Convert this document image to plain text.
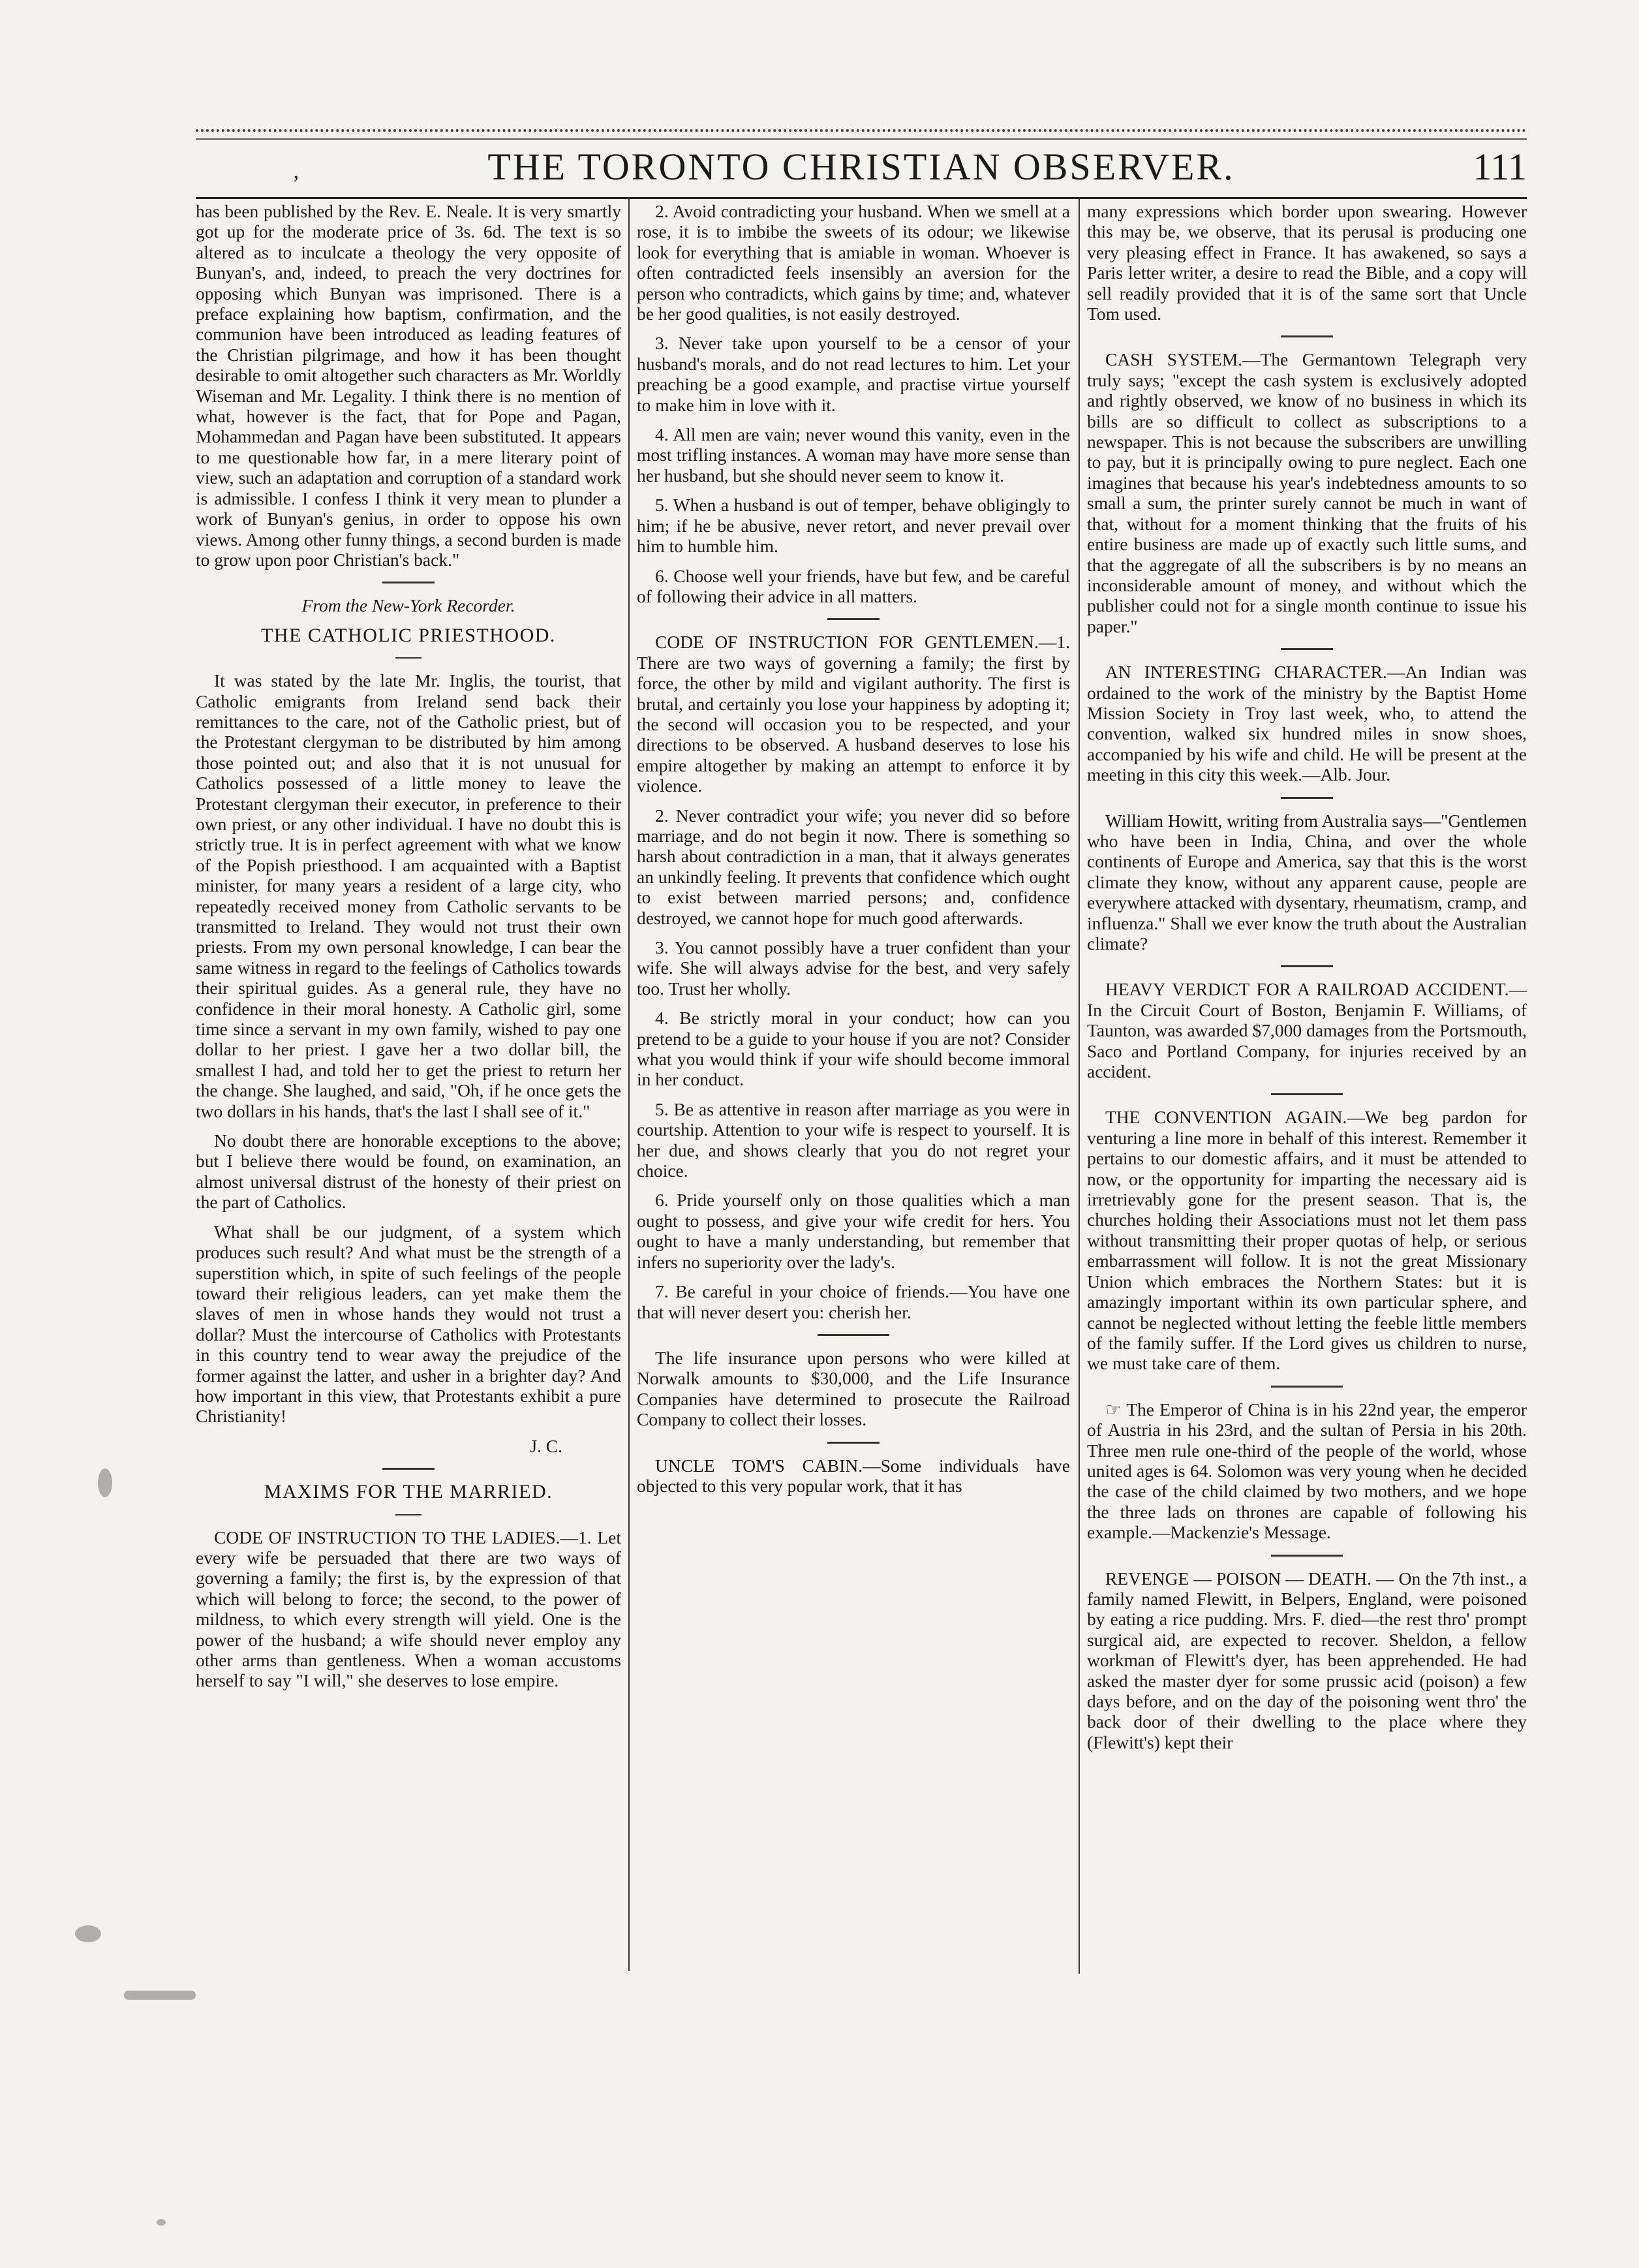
‚	THE TORONTO CHRISTIAN OBSERVER.	111

has been published by the Rev. E. Neale. It is very smartly got up for the moderate price of 3s. 6d. The text is so altered as to inculcate a theology the very opposite of Bunyan's, and, indeed, to preach the very doctrines for opposing which Bunyan was imprisoned. There is a preface explaining how baptism, confirmation, and the communion have been introduced as leading features of the Christian pilgrimage, and how it has been thought desirable to omit altogether such characters as Mr. Worldly Wiseman and Mr. Legality. I think there is no mention of what, however is the fact, that for Pope and Pagan, Mohammedan and Pagan have been substituted. It appears to me questionable how far, in a mere literary point of view, such an adaptation and corruption of a standard work is admissible. I confess I think it very mean to plunder a work of Bunyan's genius, in order to oppose his own views. Among other funny things, a second burden is made to grow upon poor Christian's back."

From the New-York Recorder.
THE CATHOLIC PRIESTHOOD.

It was stated by the late Mr. Inglis, the tourist, that Catholic emigrants from Ireland send back their remittances to the care, not of the Catholic priest, but of the Protestant clergyman to be distributed by him among those pointed out; and also that it is not unusual for Catholics possessed of a little money to leave the Protestant clergyman their executor, in preference to their own priest, or any other individual. I have no doubt this is strictly true. It is in perfect agreement with what we know of the Popish priesthood. I am acquainted with a Baptist minister, for many years a resident of a large city, who repeatedly received money from Catholic servants to be transmitted to Ireland. They would not trust their own priests. From my own personal knowledge, I can bear the same witness in regard to the feelings of Catholics towards their spiritual guides. As a general rule, they have no confidence in their moral honesty. A Catholic girl, some time since a servant in my own family, wished to pay one dollar to her priest. I gave her a two dollar bill, the smallest I had, and told her to get the priest to return her the change. She laughed, and said, "Oh, if he once gets the two dollars in his hands, that's the last I shall see of it."

No doubt there are honorable exceptions to the above; but I believe there would be found, on examination, an almost universal distrust of the honesty of their priest on the part of Catholics.

What shall be our judgment, of a system which produces such result? And what must be the strength of a superstition which, in spite of such feelings of the people toward their religious leaders, can yet make them the slaves of men in whose hands they would not trust a dollar? Must the intercourse of Catholics with Protestants in this country tend to wear away the prejudice of the former against the latter, and usher in a brighter day? And how important in this view, that Protestants exhibit a pure Christianity!

J. C.

MAXIMS FOR THE MARRIED.

CODE OF INSTRUCTION TO THE LADIES.—1. Let every wife be persuaded that there are two ways of governing a family; the first is, by the expression of that which will belong to force; the second, to the power of mildness, to which every strength will yield. One is the power of the husband; a wife should never employ any other arms than gentleness. When a woman accustoms herself to say "I will," she deserves to lose empire.

2. Avoid contradicting your husband. When we smell at a rose, it is to imbibe the sweets of its odour; we likewise look for everything that is amiable in woman. Whoever is often contradicted feels insensibly an aversion for the person who contradicts, which gains by time; and, whatever be her good qualities, is not easily destroyed.

3. Never take upon yourself to be a censor of your husband's morals, and do not read lectures to him. Let your preaching be a good example, and practise virtue yourself to make him in love with it.

4. All men are vain; never wound this vanity, even in the most trifling instances. A woman may have more sense than her husband, but she should never seem to know it.

5. When a husband is out of temper, behave obligingly to him; if he be abusive, never retort, and never prevail over him to humble him.

6. Choose well your friends, have but few, and be careful of following their advice in all matters.

CODE OF INSTRUCTION FOR GENTLEMEN.—1. There are two ways of governing a family; the first by force, the other by mild and vigilant authority. The first is brutal, and certainly you lose your happiness by adopting it; the second will occasion you to be respected, and your directions to be observed. A husband deserves to lose his empire altogether by making an attempt to enforce it by violence.

2. Never contradict your wife; you never did so before marriage, and do not begin it now. There is something so harsh about contradiction in a man, that it always generates an unkindly feeling. It prevents that confidence which ought to exist between married persons; and, confidence destroyed, we cannot hope for much good afterwards.

3. You cannot possibly have a truer confident than your wife. She will always advise for the best, and very safely too. Trust her wholly.

4. Be strictly moral in your conduct; how can you pretend to be a guide to your house if you are not? Consider what you would think if your wife should become immoral in her conduct.

5. Be as attentive in reason after marriage as you were in courtship. Attention to your wife is respect to yourself. It is her due, and shows clearly that you do not regret your choice.

6. Pride yourself only on those qualities which a man ought to possess, and give your wife credit for hers. You ought to have a manly understanding, but remember that infers no superiority over the lady's.

7. Be careful in your choice of friends.—You have one that will never desert you: cherish her.

The life insurance upon persons who were killed at Norwalk amounts to $30,000, and the Life Insurance Companies have determined to prosecute the Railroad Company to collect their losses.

UNCLE TOM'S CABIN.—Some individuals have objected to this very popular work, that it has

many expressions which border upon swearing. However this may be, we observe, that its perusal is producing one very pleasing effect in France. It has awakened, so says a Paris letter writer, a desire to read the Bible, and a copy will sell readily provided that it is of the same sort that Uncle Tom used.

CASH SYSTEM.—The Germantown Telegraph very truly says; "except the cash system is exclusively adopted and rightly observed, we know of no business in which its bills are so difficult to collect as subscriptions to a newspaper. This is not because the subscribers are unwilling to pay, but it is principally owing to pure neglect. Each one imagines that because his year's indebtedness amounts to so small a sum, the printer surely cannot be much in want of that, without for a moment thinking that the fruits of his entire business are made up of exactly such little sums, and that the aggregate of all the subscribers is by no means an inconsiderable amount of money, and without which the publisher could not for a single month continue to issue his paper."

AN INTERESTING CHARACTER.—An Indian was ordained to the work of the ministry by the Baptist Home Mission Society in Troy last week, who, to attend the convention, walked six hundred miles in snow shoes, accompanied by his wife and child. He will be present at the meeting in this city this week.—Alb. Jour.

William Howitt, writing from Australia says—"Gentlemen who have been in India, China, and over the whole continents of Europe and America, say that this is the worst climate they know, without any apparent cause, people are everywhere attacked with dysentary, rheumatism, cramp, and influenza." Shall we ever know the truth about the Australian climate?

HEAVY VERDICT FOR A RAILROAD ACCIDENT.—In the Circuit Court of Boston, Benjamin F. Williams, of Taunton, was awarded $7,000 damages from the Portsmouth, Saco and Portland Company, for injuries received by an accident.

THE CONVENTION AGAIN.—We beg pardon for venturing a line more in behalf of this interest. Remember it pertains to our domestic affairs, and it must be attended to now, or the opportunity for imparting the necessary aid is irretrievably gone for the present season. That is, the churches holding their Associations must not let them pass without transmitting their proper quotas of help, or serious embarrassment will follow. It is not the great Missionary Union which embraces the Northern States: but it is amazingly important within its own particular sphere, and cannot be neglected without letting the feeble little members of the family suffer. If the Lord gives us children to nurse, we must take care of them.

☞ The Emperor of China is in his 22nd year, the emperor of Austria in his 23rd, and the sultan of Persia in his 20th. Three men rule one-third of the people of the world, whose united ages is 64. Solomon was very young when he decided the case of the child claimed by two mothers, and we hope the three lads on thrones are capable of following his example.—Mackenzie's Message.

REVENGE — POISON — DEATH. — On the 7th inst., a family named Flewitt, in Belpers, England, were poisoned by eating a rice pudding. Mrs. F. died—the rest thro' prompt surgical aid, are expected to recover. Sheldon, a fellow workman of Flewitt's dyer, has been apprehended. He had asked the master dyer for some prussic acid (poison) a few days before, and on the day of the poisoning went thro' the back door of their dwelling to the place where they (Flewitt's) kept their
